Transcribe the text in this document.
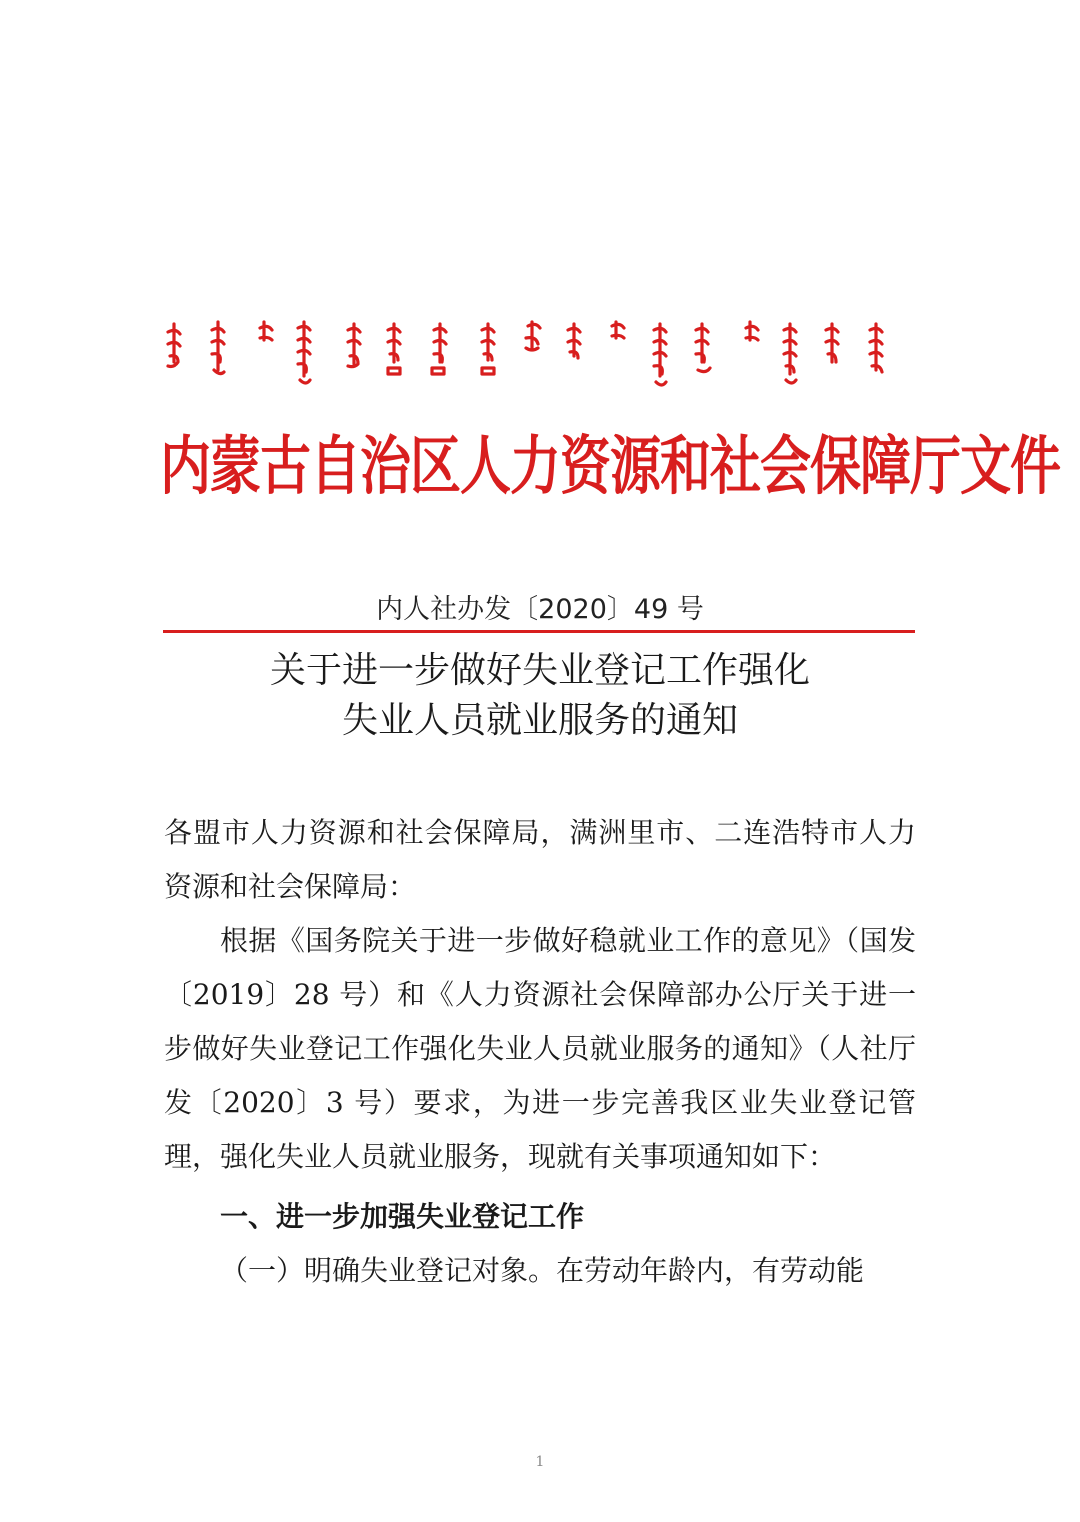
内蒙古自治区人力资源和社会保障厅文件
内人社办发〔2020〕49 号
关于进一步做好失业登记工作强化
失业人员就业服务的通知

各盟市人力资源和社会保障局，满洲里市、二连浩特市人力资源和社会保障局：

根据《国务院关于进一步做好稳就业工作的意见》（国发〔2019〕28 号）和《人力资源社会保障部办公厅关于进一步做好失业登记工作强化失业人员就业服务的通知》（人社厅发〔2020〕3 号）要求，为进一步完善我区业失业登记管理，强化失业人员就业服务，现就有关事项通知如下：

一、进一步加强失业登记工作

（一）明确失业登记对象。在劳动年龄内，有劳动能

1
